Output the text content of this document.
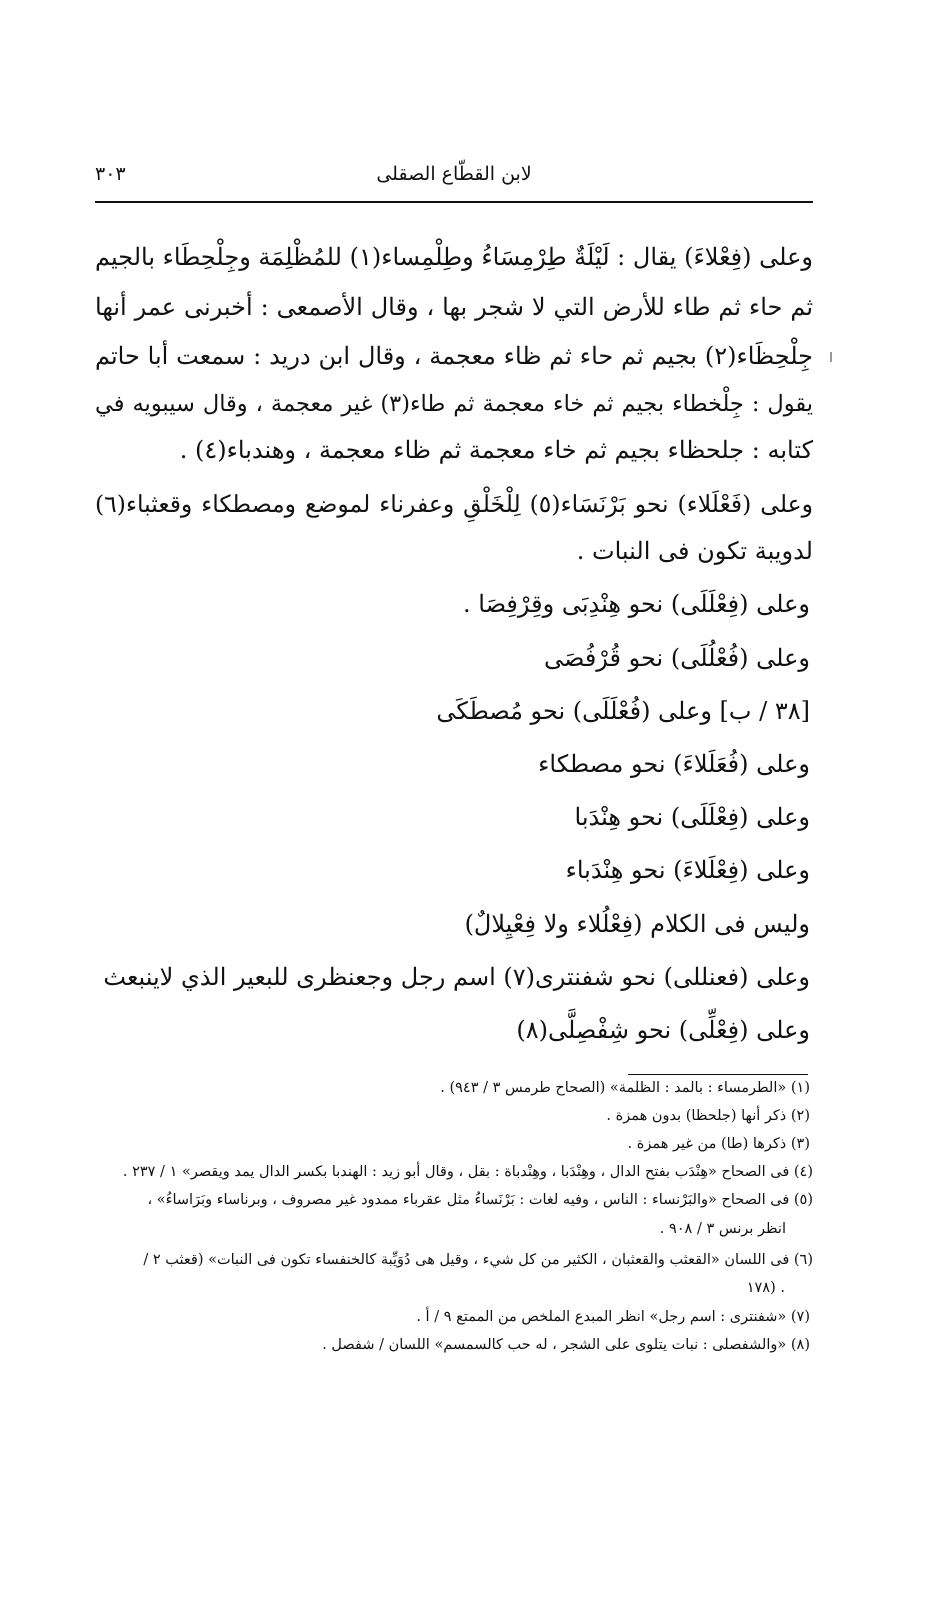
لابن القطّاع الصقلى
٣٠٣
وعلى (فِعْلاءَ) يقال : لَيْلَةٌ طِرْمِسَاءُ وطِلْمِساء(١) للمُظْلِمَة وجِلْحِطَاء بالجيم
ثم حاء ثم طاء للأرض التي لا شجر بها ، وقال الأصمعى : أخبرنى عمر أنها
جِلْحِظَاء(٢) بجيم ثم حاء ثم ظاء معجمة ، وقال ابن دريد : سمعت أبا حاتم
يقول : جِلْخطاء بجيم ثم خاء معجمة ثم طاء(٣) غير معجمة ، وقال سيبويه في
كتابه : جلحظاء بجيم ثم خاء معجمة ثم ظاء معجمة ، وهندباء(٤) .
وعلى (فَعْلَلاء) نحو بَرْنَسَاء(٥) لِلْخَلْقِ وعفرناء لموضع ومصطكاء وقعثباء(٦)
لدويبة تكون فى النبات .
وعلى (فِعْلَلَى) نحو هِنْدِبَى وقِرْفِصَا .
وعلى (فُعْلُلَى) نحو قُرْفُصَى
[٣٨ / ب] وعلى (فُعْلَلَى) نحو مُصطَكَى
وعلى (فُعَلَلاءَ) نحو مصطكاء
وعلى (فِعْلَلَى) نحو هِنْدَبا
وعلى (فِعْلَلاءَ) نحو هِنْدَباء
وليس فى الكلام (فِعْلُلاء ولا فِعْيِلالٌ)
وعلى (فعنللى) نحو شفنترى(٧) اسم رجل وجعنظرى للبعير الذي لاينبعث
وعلى (فِعْلِّى) نحو شِفْصِلَّى(٨)
(١) «الطرمساء : بالمد : الظلمة» (الصحاح طرمس ٣ / ٩٤٣) .
(٢) ذكر أنها (جلحظا) بدون همزة .
(٣) ذكرها (طا) من غير همزة .
(٤) فى الصحاح «هِنْدَب بفتح الدال ، وهِنْدَبا ، وهِنْدباة : بقل ، وقال أبو زيد : الهندبا بكسر الدال يمد ويقصر» ١ / ٢٣٧ .
(٥) فى الصحاح «والبَرْنساء : الناس ، وفيه لغات : بَرْنَساءُ مثل عقرباء ممدود غير مصروف ، وبرناساء وبَرَاساءُ» ،
انظر برنس ٣ / ٩٠٨ .
(٦) فى اللسان «القعثب والقعثبان ، الكثير من كل شيء ، وقيل هى دُوَيِّبة كالخنفساء تكون فى النبات» (قعثب ٢ /
. (١٧٨
(٧) «شفنترى : اسم رجل» انظر المبدع الملخص من الممتع ٩ / أ .
(٨) «والشفصلى : نبات يتلوى على الشجر ، له حب كالسمسم» اللسان / شفصل .
